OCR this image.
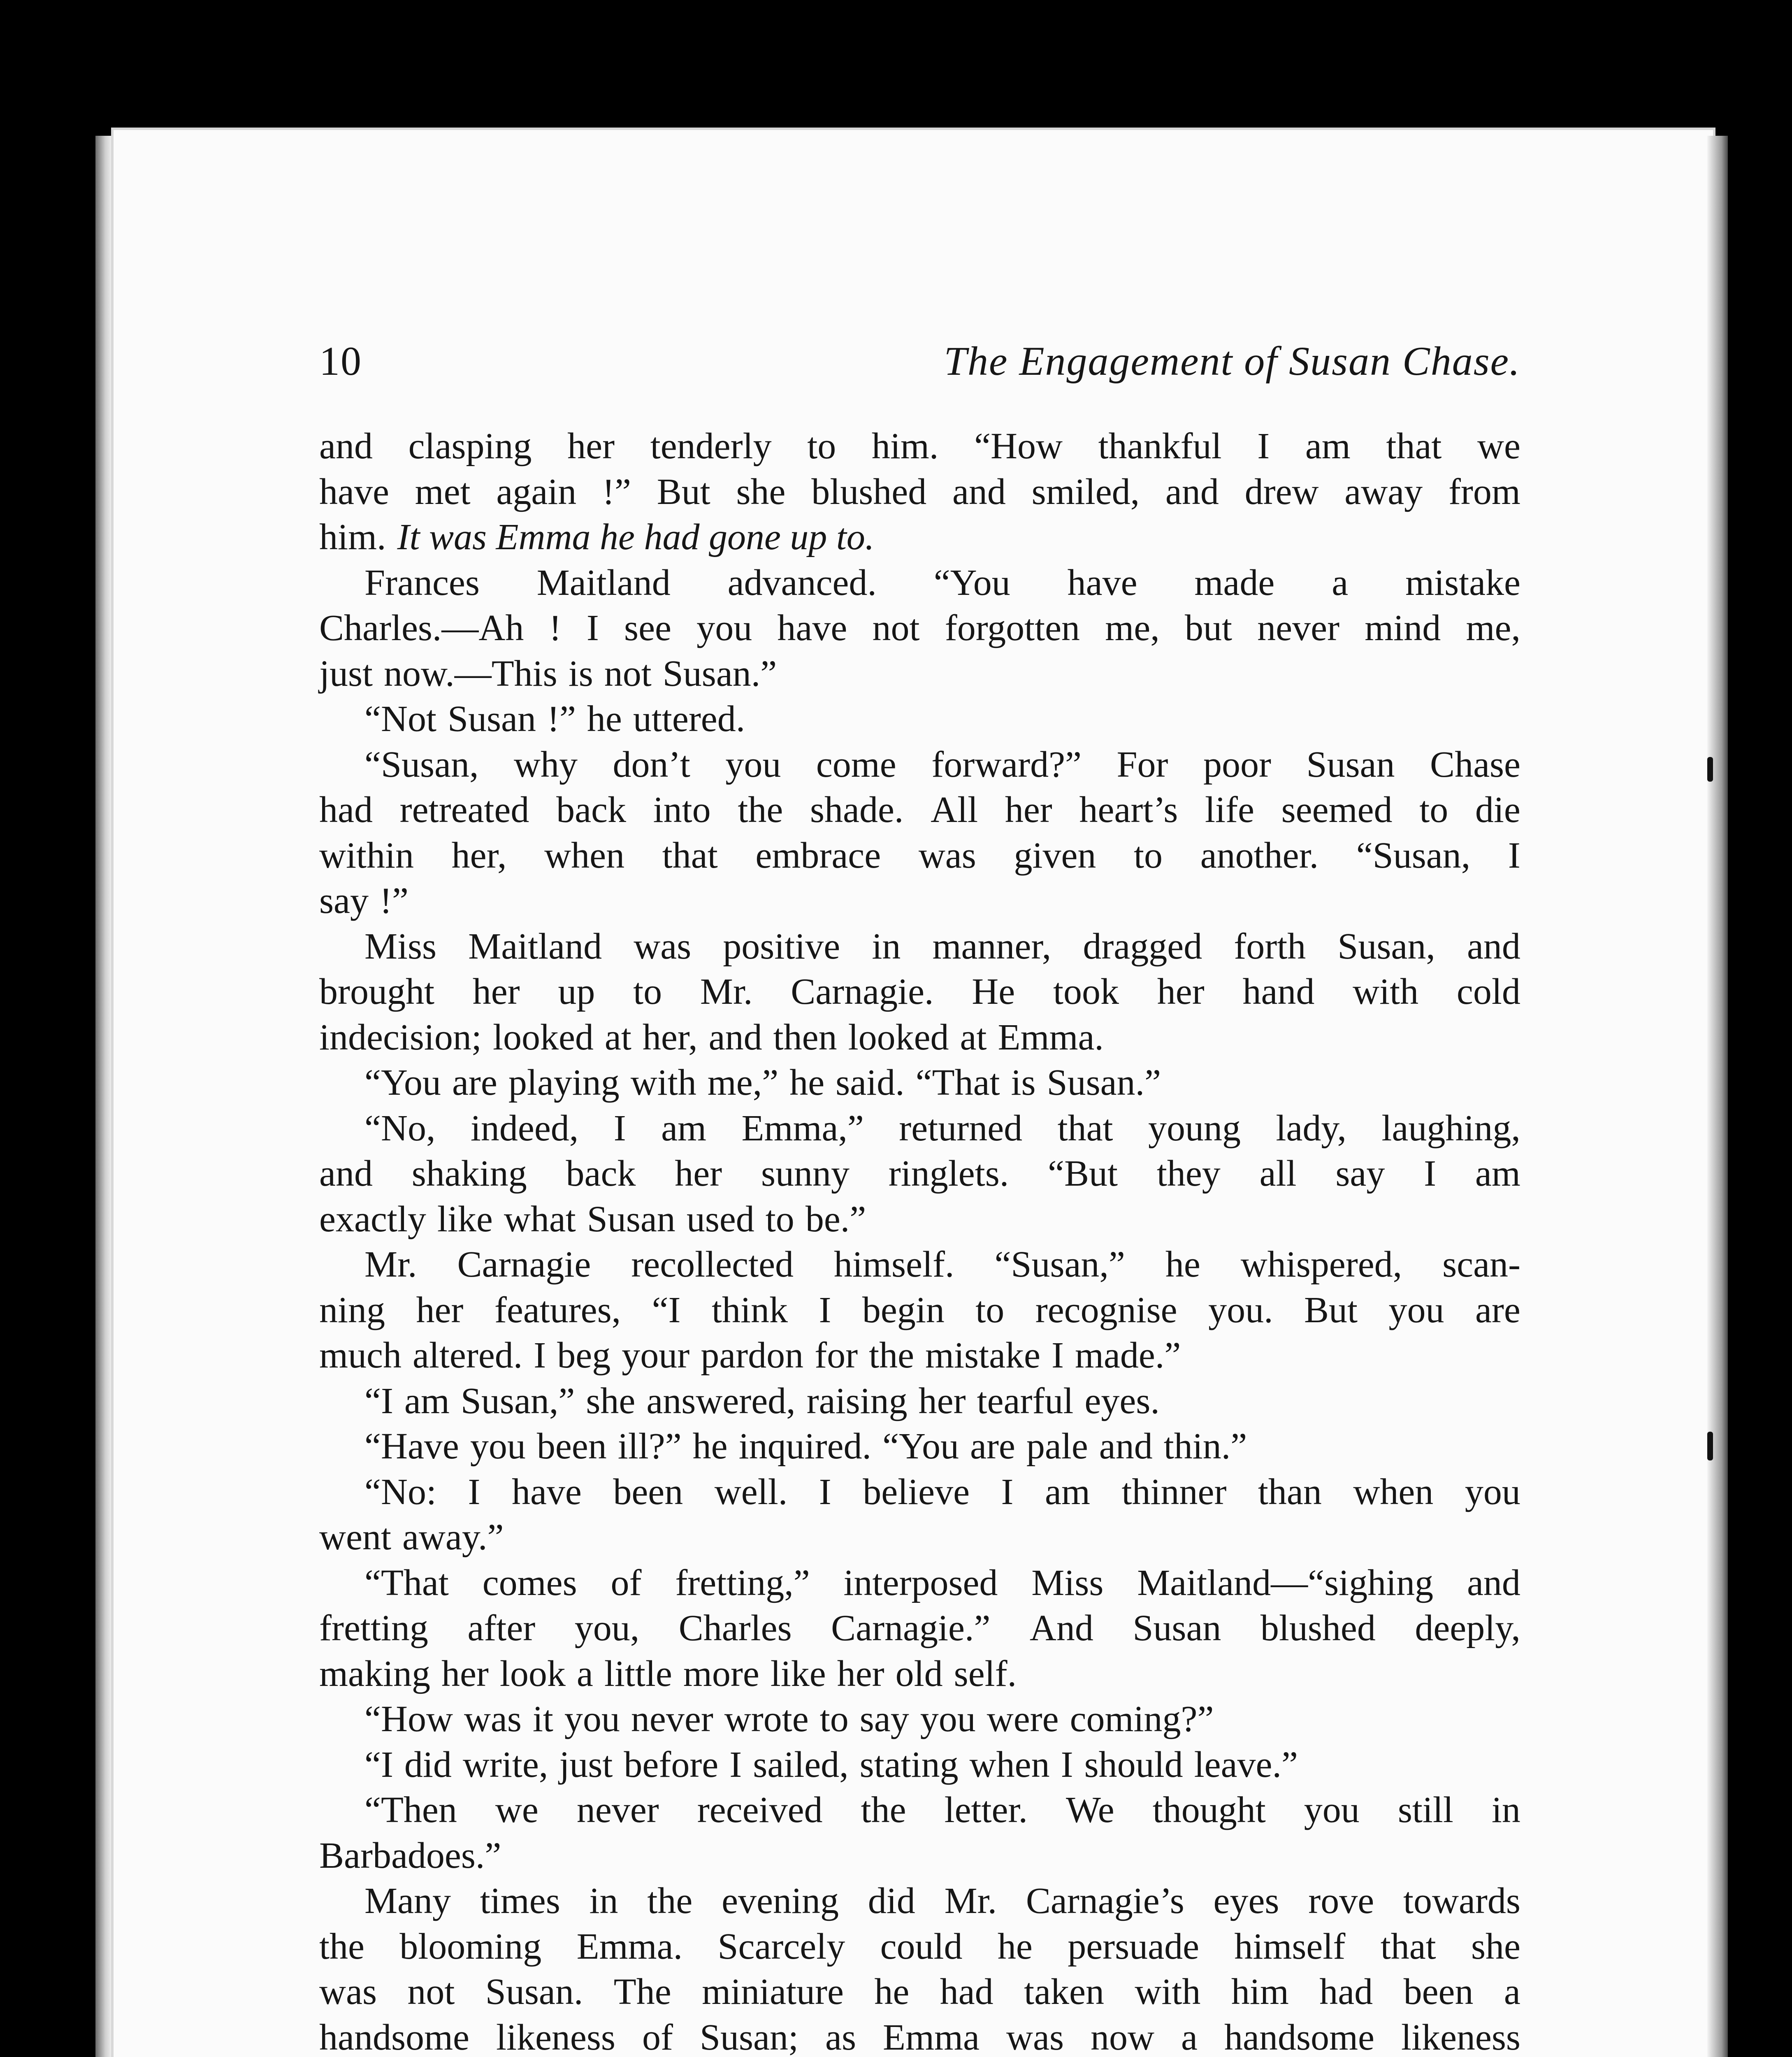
10	The Engagement of Susan Chase.
and clasping her tenderly to him. “How thankful I am that we
have met again !” But she blushed and smiled, and drew away from
him. It was Emma he had gone up to.
Frances Maitland advanced. “You have made a mistake
Charles.—Ah ! I see you have not forgotten me, but never mind me,
just now.—This is not Susan.”
“Not Susan !” he uttered.
“Susan, why don’t you come forward?” For poor Susan Chase
had retreated back into the shade. All her heart’s life seemed to die
within her, when that embrace was given to another. “Susan, I
say !”
Miss Maitland was positive in manner, dragged forth Susan, and
brought her up to Mr. Carnagie. He took her hand with cold
indecision; looked at her, and then looked at Emma.
“You are playing with me,” he said. “That is Susan.”
“No, indeed, I am Emma,” returned that young lady, laughing,
and shaking back her sunny ringlets. “But they all say I am
exactly like what Susan used to be.”
Mr. Carnagie recollected himself. “Susan,” he whispered, scan-
ning her features, “I think I begin to recognise you. But you are
much altered. I beg your pardon for the mistake I made.”
“I am Susan,” she answered, raising her tearful eyes.
“Have you been ill?” he inquired. “You are pale and thin.”
“No: I have been well. I believe I am thinner than when you
went away.”
“That comes of fretting,” interposed Miss Maitland—“sighing and
fretting after you, Charles Carnagie.” And Susan blushed deeply,
making her look a little more like her old self.
“How was it you never wrote to say you were coming?”
“I did write, just before I sailed, stating when I should leave.”
“Then we never received the letter. We thought you still in
Barbadoes.”
Many times in the evening did Mr. Carnagie’s eyes rove towards
the blooming Emma. Scarcely could he persuade himself that she
was not Susan. The miniature he had taken with him had been a
handsome likeness of Susan; as Emma was now a handsome likeness
